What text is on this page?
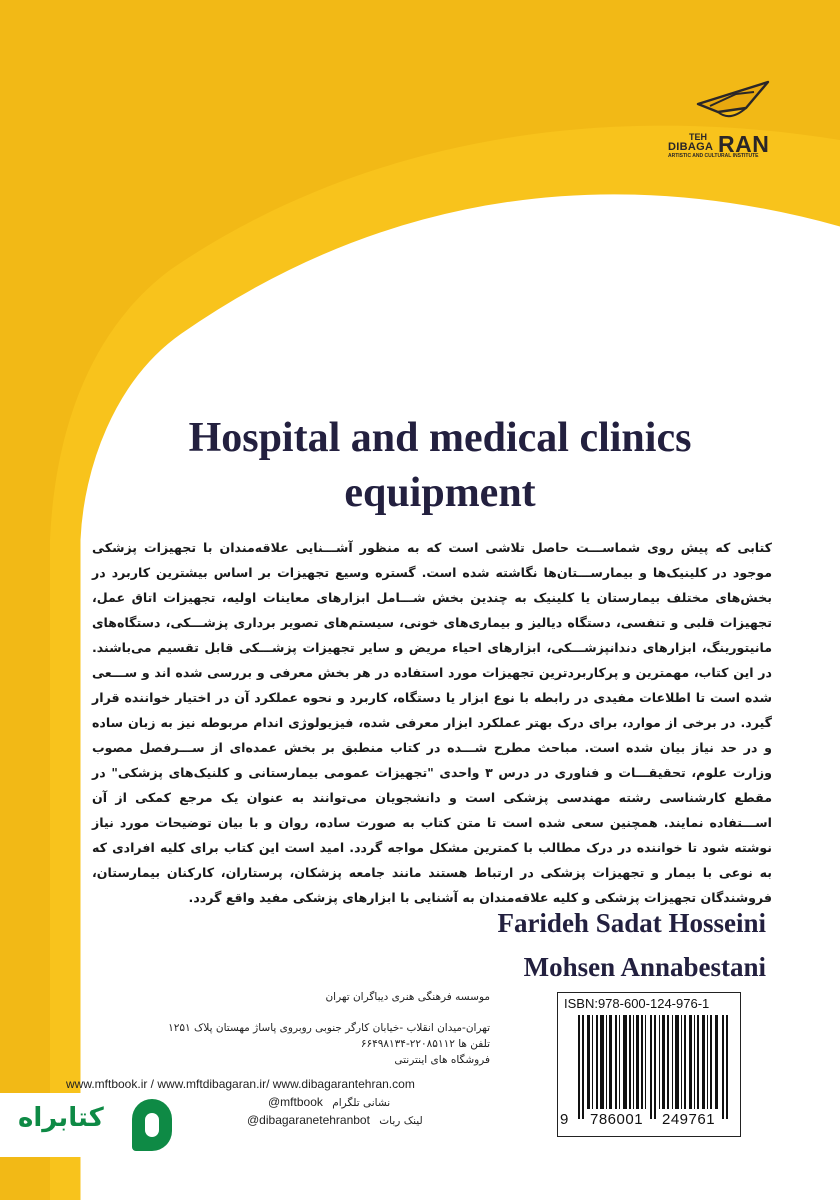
TEH
DIBAGA RAN
ARTISTIC AND CULTURAL INSTITUTE
Hospital and medical clinics
equipment

کتابی که پیش روی شماســـت حاصل تلاشی است که به منظور آشـــنایی علاقه‌مندان با تجهیزات پزشکی موجود در کلینیک‌ها و بیمارســـتان‌ها نگاشته شده است. گستره وسیع تجهیزات بر اساس بیشترین کاربرد در بخش‌های مختلف بیمارستان یا کلینیک به چندین بخش شـــامل ابزارهای معاینات اولیه، تجهیزات اتاق عمل، تجهیزات قلبی و تنفسی، دستگاه دیالیز و بیماری‌های خونی، سیستم‌های تصویر برداری پزشـــکی، دستگاه‌های مانیتورینگ، ابزارهای دندانپزشـــکی، ابزارهای احیاء مریض و سایر تجهیزات پزشـــکی قابل تقسیم می‌باشند. در این کتاب، مهمترین و پرکاربردترین تجهیزات مورد استفاده در هر بخش معرفی و بررسی شده اند و ســـعی شده است تا اطلاعات مفیدی در رابطه با نوع ابزار یا دستگاه، کاربرد و نحوه عملکرد آن در اختیار خواننده قرار گیرد. در برخی از موارد، برای درک بهتر عملکرد ابزار معرفی شده، فیزیولوژی اندام مربوطه نیز به زبان ساده و در حد نیاز بیان شده است. مباحث مطرح شـــده در کتاب منطبق بر بخش عمده‌ای از ســـرفصل مصوب وزارت علوم، تحقیقـــات و فناوری در درس ۳ واحدی "تجهیزات عمومی بیمارستانی و کلنیک‌های پزشکی" در مقطع کارشناسی رشته مهندسی پزشکی است و دانشجویان می‌توانند به عنوان یک مرجع کمکی از آن اســـتفاده نمایند. همچنین سعی شده است تا متن کتاب به صورت ساده، روان و با بیان توضیحات مورد نیاز نوشته شود تا خواننده در درک مطالب با کمترین مشکل مواجه گردد. امید است این کتاب برای کلیه افرادی که به نوعی با بیمار و تجهیزات پزشکی در ارتباط هستند مانند جامعه پزشکان، پرستاران، کارکنان بیمارستان، فروشندگان تجهیزات پزشکی و کلیه علاقه‌مندان به آشنایی با ابزارهای پزشکی مفید واقع گردد.

Farideh Sadat Hosseini
Mohsen Annabestani
موسسه فرهنگی هنری دیباگران تهران
تهران-میدان انقلاب -خیابان کارگر جنوبی روبروی پاساژ مهستان پلاک ۱۲۵۱
تلفن ها ۲۲۰۸۵۱۱۲-۶۶۴۹۸۱۳۴
فروشگاه های اینترنتی
www.mftbook.ir / www.mftdibagaran.ir/ www.dibagarantehran.com
@mftbook نشانی تلگرام
@dibagaranetehranbot لینک ربات
کتابراه
ISBN:978-600-124-976-1
9 786001 249761
